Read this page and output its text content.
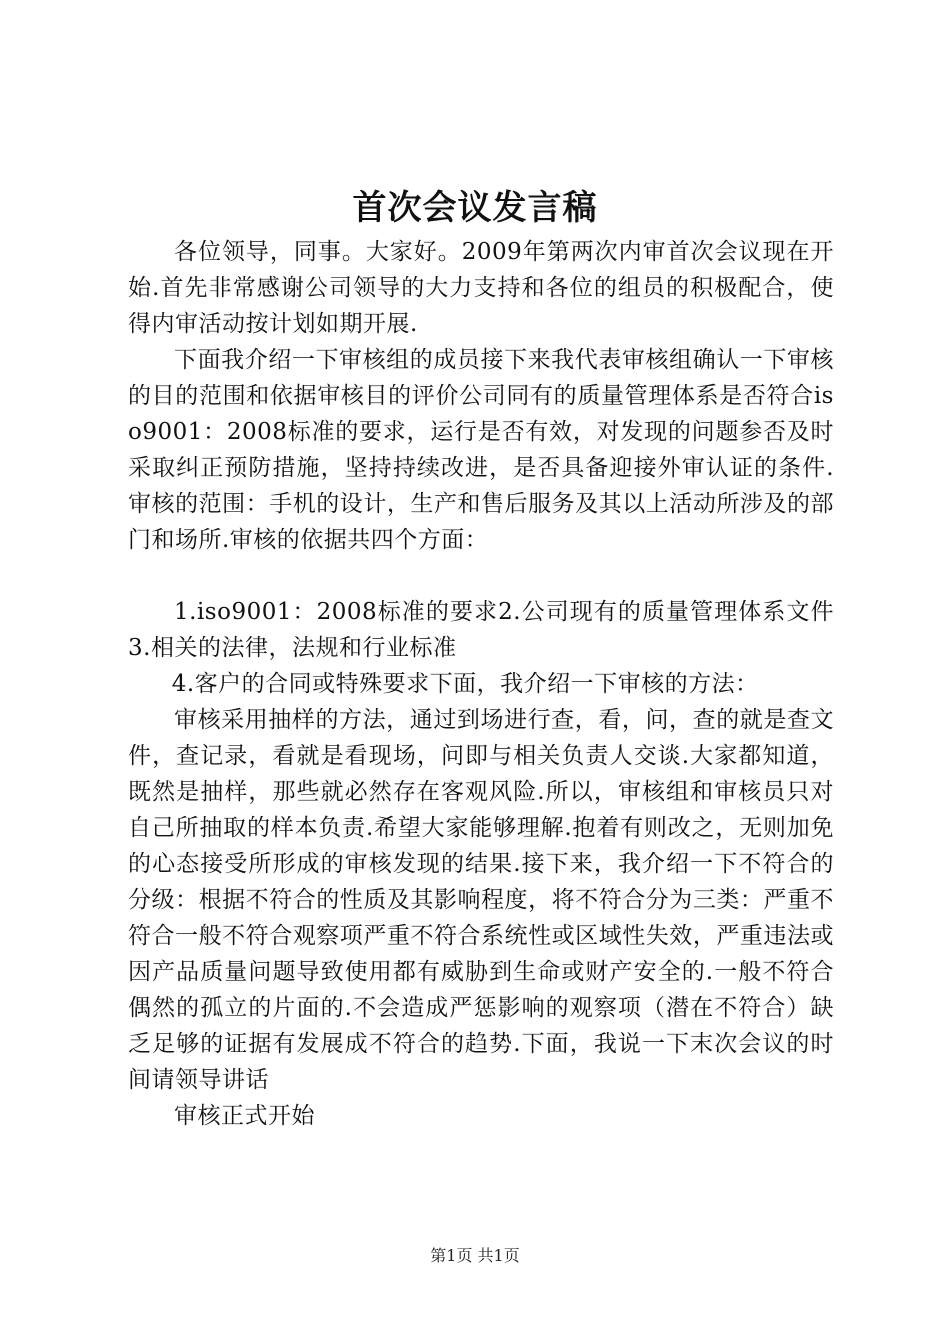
首次会议发言稿

各位领导，同事。大家好。2009年第两次内审首次会议现在开始.首先非常感谢公司领导的大力支持和各位的组员的积极配合，使得内审活动按计划如期开展.

下面我介绍一下审核组的成员接下来我代表审核组确认一下审核的目的范围和依据审核目的评价公司同有的质量管理体系是否符合iso9001：2008标准的要求，运行是否有效，对发现的问题参否及时采取纠正预防措施，坚持持续改进，是否具备迎接外审认证的条件.审核的范围：手机的设计，生产和售后服务及其以上活动所涉及的部门和场所.审核的依据共四个方面：

1.iso9001：2008标准的要求2.公司现有的质量管理体系文件3.相关的法律，法规和行业标准

4.客户的合同或特殊要求下面，我介绍一下审核的方法：

审核采用抽样的方法，通过到场进行查，看，问，查的就是查文件，查记录，看就是看现场，问即与相关负责人交谈.大家都知道，既然是抽样，那些就必然存在客观风险.所以，审核组和审核员只对自己所抽取的样本负责.希望大家能够理解.抱着有则改之，无则加免的心态接受所形成的审核发现的结果.接下来，我介绍一下不符合的分级：根据不符合的性质及其影响程度，将不符合分为三类：严重不符合一般不符合观察项严重不符合系统性或区域性失效，严重违法或因产品质量问题导致使用都有威胁到生命或财产安全的.一般不符合偶然的孤立的片面的.不会造成严惩影响的观察项（潜在不符合）缺乏足够的证据有发展成不符合的趋势.下面，我说一下末次会议的时间请领导讲话

审核正式开始

第1页 共1页
